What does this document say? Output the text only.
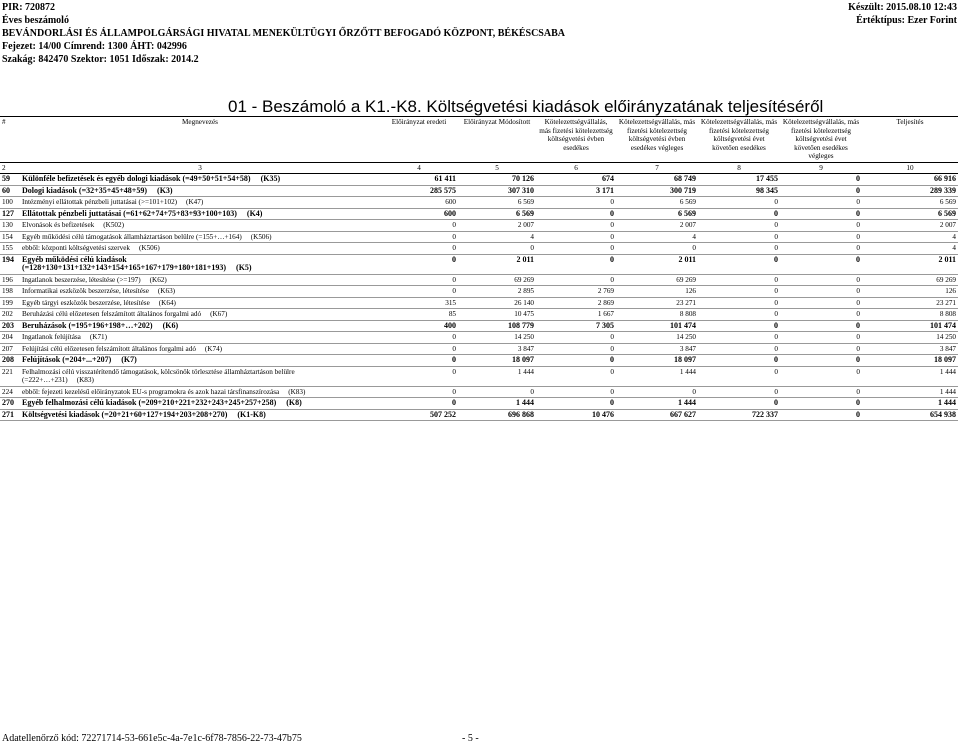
PIR: 720872
Éves beszámoló
BEVÁNDORLÁSI ÉS ÁLLAMPOLGÁRSÁGI HIVATAL MENEKÜLTÜGYI ŐRZŐTT BEFOGADÓ KÖZPONT, BÉKÉSCSABA
Fejezet: 14/00 Címrend: 1300 ÁHT: 042996
Szakág: 842470 Szektor: 1051 Időszak: 2014.2
Készült: 2015.08.10 12:43
Értéktípus: Ezer Forint
01 - Beszámoló a K1.-K8. Költségvetési kiadások előirányzatának teljesítéséről

#	Megnevezés	Előirányzat eredeti	Előirányzat Módosított	Kötelezettségvállalás, más fizetési kötelezettség költségvetési évben esedékes	Kötelezettségvállalás, más fizetési kötelezettség költségvetési évben esedékes végleges	Kötelezettségvállalás, más fizetési kötelezettség költségvetési évet követően esedékes	Kötelezettségvállalás, más fizetési kötelezettség költségvetési évet követően esedékes végleges	Teljesítés

2	3	4	5	6	7	8	9	10

59	Különféle befizetések és egyéb dologi kiadások (=49+50+51+54+58) (K35)	61 411	70 126	674	68 749	17 455	0	66 916
60	Dologi kiadások (=32+35+45+48+59) (K3)	285 575	307 310	3 171	300 719	98 345	0	289 339
100	Intézményi ellátottak pénzbeli juttatásai (>=101+102) (K47)	600	6 569	0	6 569	0	0	6 569
127	Ellátottak pénzbeli juttatásai (=61+62+74+75+83+93+100+103) (K4)	600	6 569	0	6 569	0	0	6 569
130	Elvonások és befizetések (K502)	0	2 007	0	2 007	0	0	2 007
154	Egyéb működési célú támogatások államháztartáson belülre (=155+…+164) (K506)	0	4	0	4	0	0	4
155	ebből: központi költségvetési szervek (K506)	0	0	0	0	0	0	4
194	Egyéb működési célú kiadások
(=128+130+131+132+143+154+165+167+179+180+181+193) (K5)	0	2 011	0	2 011	0	0	2 011
196	Ingatlanok beszerzése, létesítése (>=197) (K62)	0	69 269	0	69 269	0	0	69 269
198	Informatikai eszközök beszerzése, létesítése (K63)	0	2 895	2 769	126	0	0	126
199	Egyéb tárgyi eszközök beszerzése, létesítése (K64)	315	26 140	2 869	23 271	0	0	23 271
202	Beruházási célú előzetesen felszámított általános forgalmi adó (K67)	85	10 475	1 667	8 808	0	0	8 808
203	Beruházások (=195+196+198+…+202) (K6)	400	108 779	7 305	101 474	0	0	101 474
204	Ingatlanok felújítása (K71)	0	14 250	0	14 250	0	0	14 250
207	Felújítási célú előzetesen felszámított általános forgalmi adó (K74)	0	3 847	0	3 847	0	0	3 847
208	Felújítások (=204+...+207) (K7)	0	18 097	0	18 097	0	0	18 097
221	Felhalmozási célú visszatérítendő támogatások, kölcsönök törlesztése államháztartáson belülre
(=222+…+231) (K83)	0	1 444	0	1 444	0	0	1 444
224	ebből: fejezeti kezelésű előirányzatok EU-s programokra és azok hazai társfinanszírozása (K83)	0	0	0	0	0	0	1 444
270	Egyéb felhalmozási célú kiadások (=209+210+221+232+243+245+257+258) (K8)	0	1 444	0	1 444	0	0	1 444
271	Költségvetési kiadások (=20+21+60+127+194+203+208+270) (K1-K8)	507 252	696 868	10 476	667 627	722 337	0	654 938
Adatellenőrző kód: 72271714-53-661e5c-4a-7e1c-6f78-7856-22-73-47b75	- 5 -
